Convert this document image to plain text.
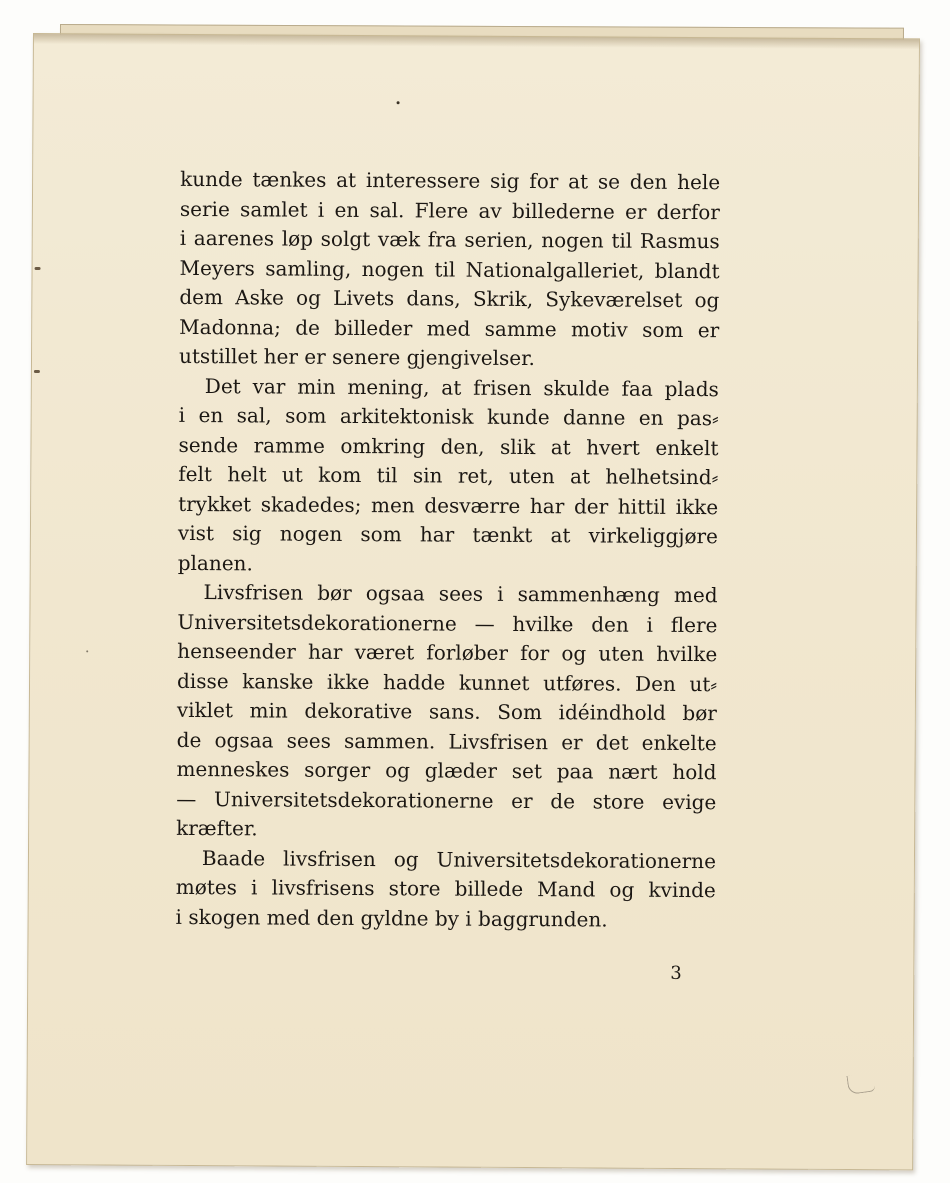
kunde tænkes at interessere sig for at se den hele
serie samlet i en sal. Flere av billederne er derfor
i aarenes løp solgt væk fra serien, nogen til Rasmus
Meyers samling, nogen til Nationalgalleriet, blandt
dem Aske og Livets dans, Skrik, Sykeværelset og
Madonna; de billeder med samme motiv som er
utstillet her er senere gjengivelser.

Det var min mening, at frisen skulde faa plads
i en sal, som arkitektonisk kunde danne en pas⸗
sende ramme omkring den, slik at hvert enkelt
felt helt ut kom til sin ret, uten at helhetsind⸗
trykket skadedes; men desværre har der hittil ikke
vist sig nogen som har tænkt at virkeliggjøre
planen.

Livsfrisen bør ogsaa sees i sammenhæng med
Universitetsdekorationerne — hvilke den i flere
henseender har været forløber for og uten hvilke
disse kanske ikke hadde kunnet utføres. Den ut⸗
viklet min dekorative sans. Som idéindhold bør
de ogsaa sees sammen. Livsfrisen er det enkelte
menneskes sorger og glæder set paa nært hold
— Universitetsdekorationerne er de store evige
kræfter.

Baade livsfrisen og Universitetsdekorationerne
møtes i livsfrisens store billede Mand og kvinde
i skogen med den gyldne by i baggrunden.

3
